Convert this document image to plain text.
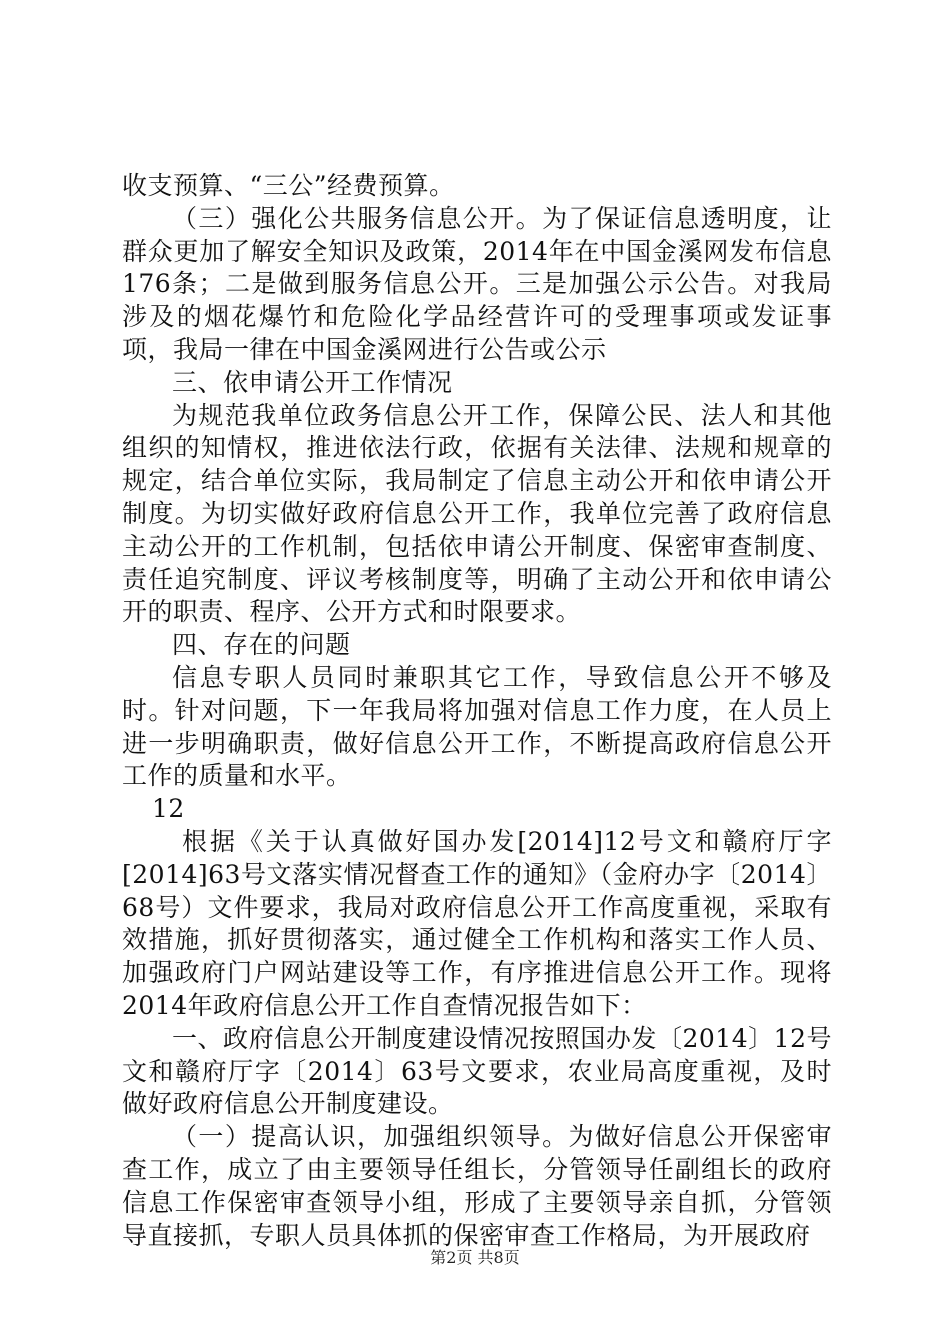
收支预算、“三公”经费预算。

（三）强化公共服务信息公开。为了保证信息透明度，让群众更加了解安全知识及政策，2014年在中国金溪网发布信息176条；二是做到服务信息公开。三是加强公示公告。对我局涉及的烟花爆竹和危险化学品经营许可的受理事项或发证事项，我局一律在中国金溪网进行公告或公示

三、依申请公开工作情况

为规范我单位政务信息公开工作，保障公民、法人和其他组织的知情权，推进依法行政，依据有关法律、法规和规章的规定，结合单位实际，我局制定了信息主动公开和依申请公开制度。为切实做好政府信息公开工作，我单位完善了政府信息主动公开的工作机制，包括依申请公开制度、保密审查制度、责任追究制度、评议考核制度等，明确了主动公开和依申请公开的职责、程序、公开方式和时限要求。

四、存在的问题

信息专职人员同时兼职其它工作，导致信息公开不够及时。针对问题，下一年我局将加强对信息工作力度，在人员上进一步明确职责，做好信息公开工作，不断提高政府信息公开工作的质量和水平。

12

根据《关于认真做好国办发[2014]12号文和赣府厅字[2014]63号文落实情况督查工作的通知》（金府办字〔2014〕68号）文件要求，我局对政府信息公开工作高度重视，采取有效措施，抓好贯彻落实，通过健全工作机构和落实工作人员、加强政府门户网站建设等工作，有序推进信息公开工作。现将2014年政府信息公开工作自查情况报告如下：

一、政府信息公开制度建设情况按照国办发〔2014〕12号文和赣府厅字〔2014〕63号文要求，农业局高度重视，及时做好政府信息公开制度建设。

（一）提高认识，加强组织领导。为做好信息公开保密审查工作，成立了由主要领导任组长，分管领导任副组长的政府信息工作保密审查领导小组，形成了主要领导亲自抓，分管领导直接抓，专职人员具体抓的保密审查工作格局，为开展政府

第2页 共8页
